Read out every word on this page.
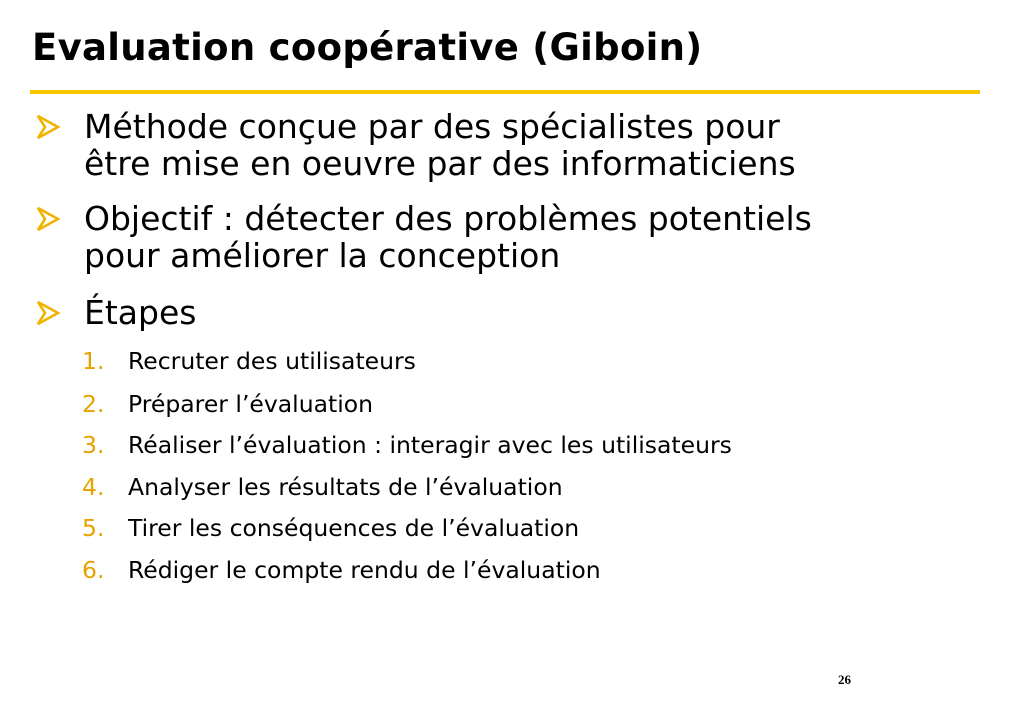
Evaluation coopérative (Giboin)
Méthode conçue par des spécialistes pour
être mise en oeuvre par des informaticiens
Objectif : détecter des problèmes potentiels
pour améliorer la conception
Étapes
1. Recruter des utilisateurs
2. Préparer l’évaluation
3. Réaliser l’évaluation : interagir avec les utilisateurs
4. Analyser les résultats de l’évaluation
5. Tirer les conséquences de l’évaluation
6. Rédiger le compte rendu de l’évaluation
26
